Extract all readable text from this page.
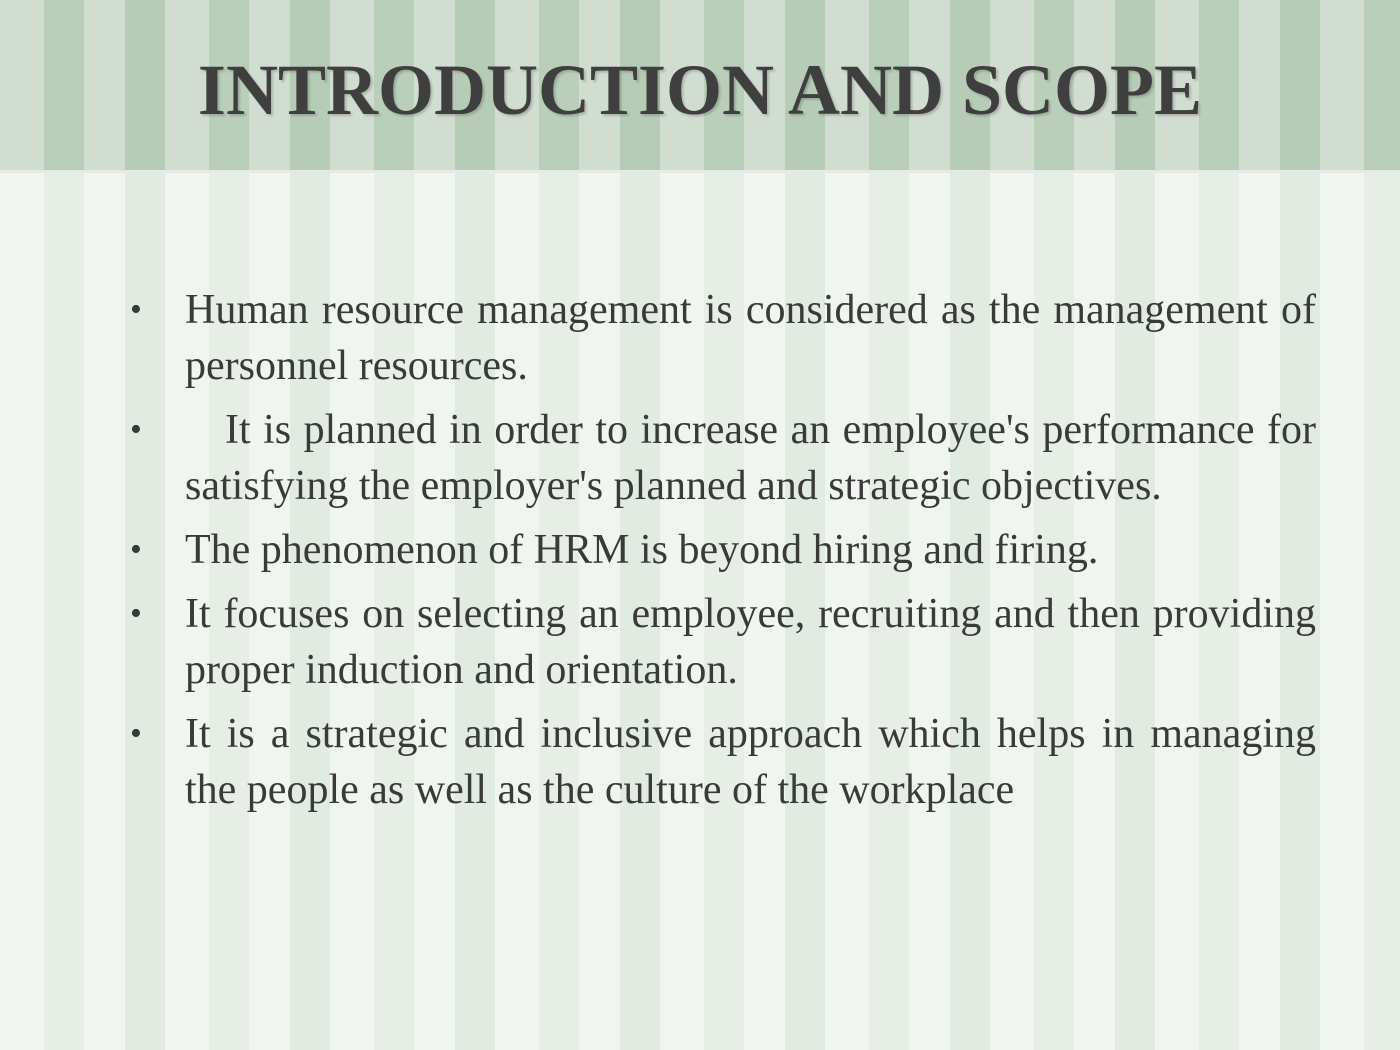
INTRODUCTION AND SCOPE
• Human resource management is considered as the management of personnel resources.
•	It is planned in order to increase an employee's performance for satisfying the employer's planned and strategic objectives.
• The phenomenon of HRM is beyond hiring and firing.
• It focuses on selecting an employee, recruiting and then providing proper induction and orientation.
• It is a strategic and inclusive approach which helps in managing the people as well as the culture of the workplace
